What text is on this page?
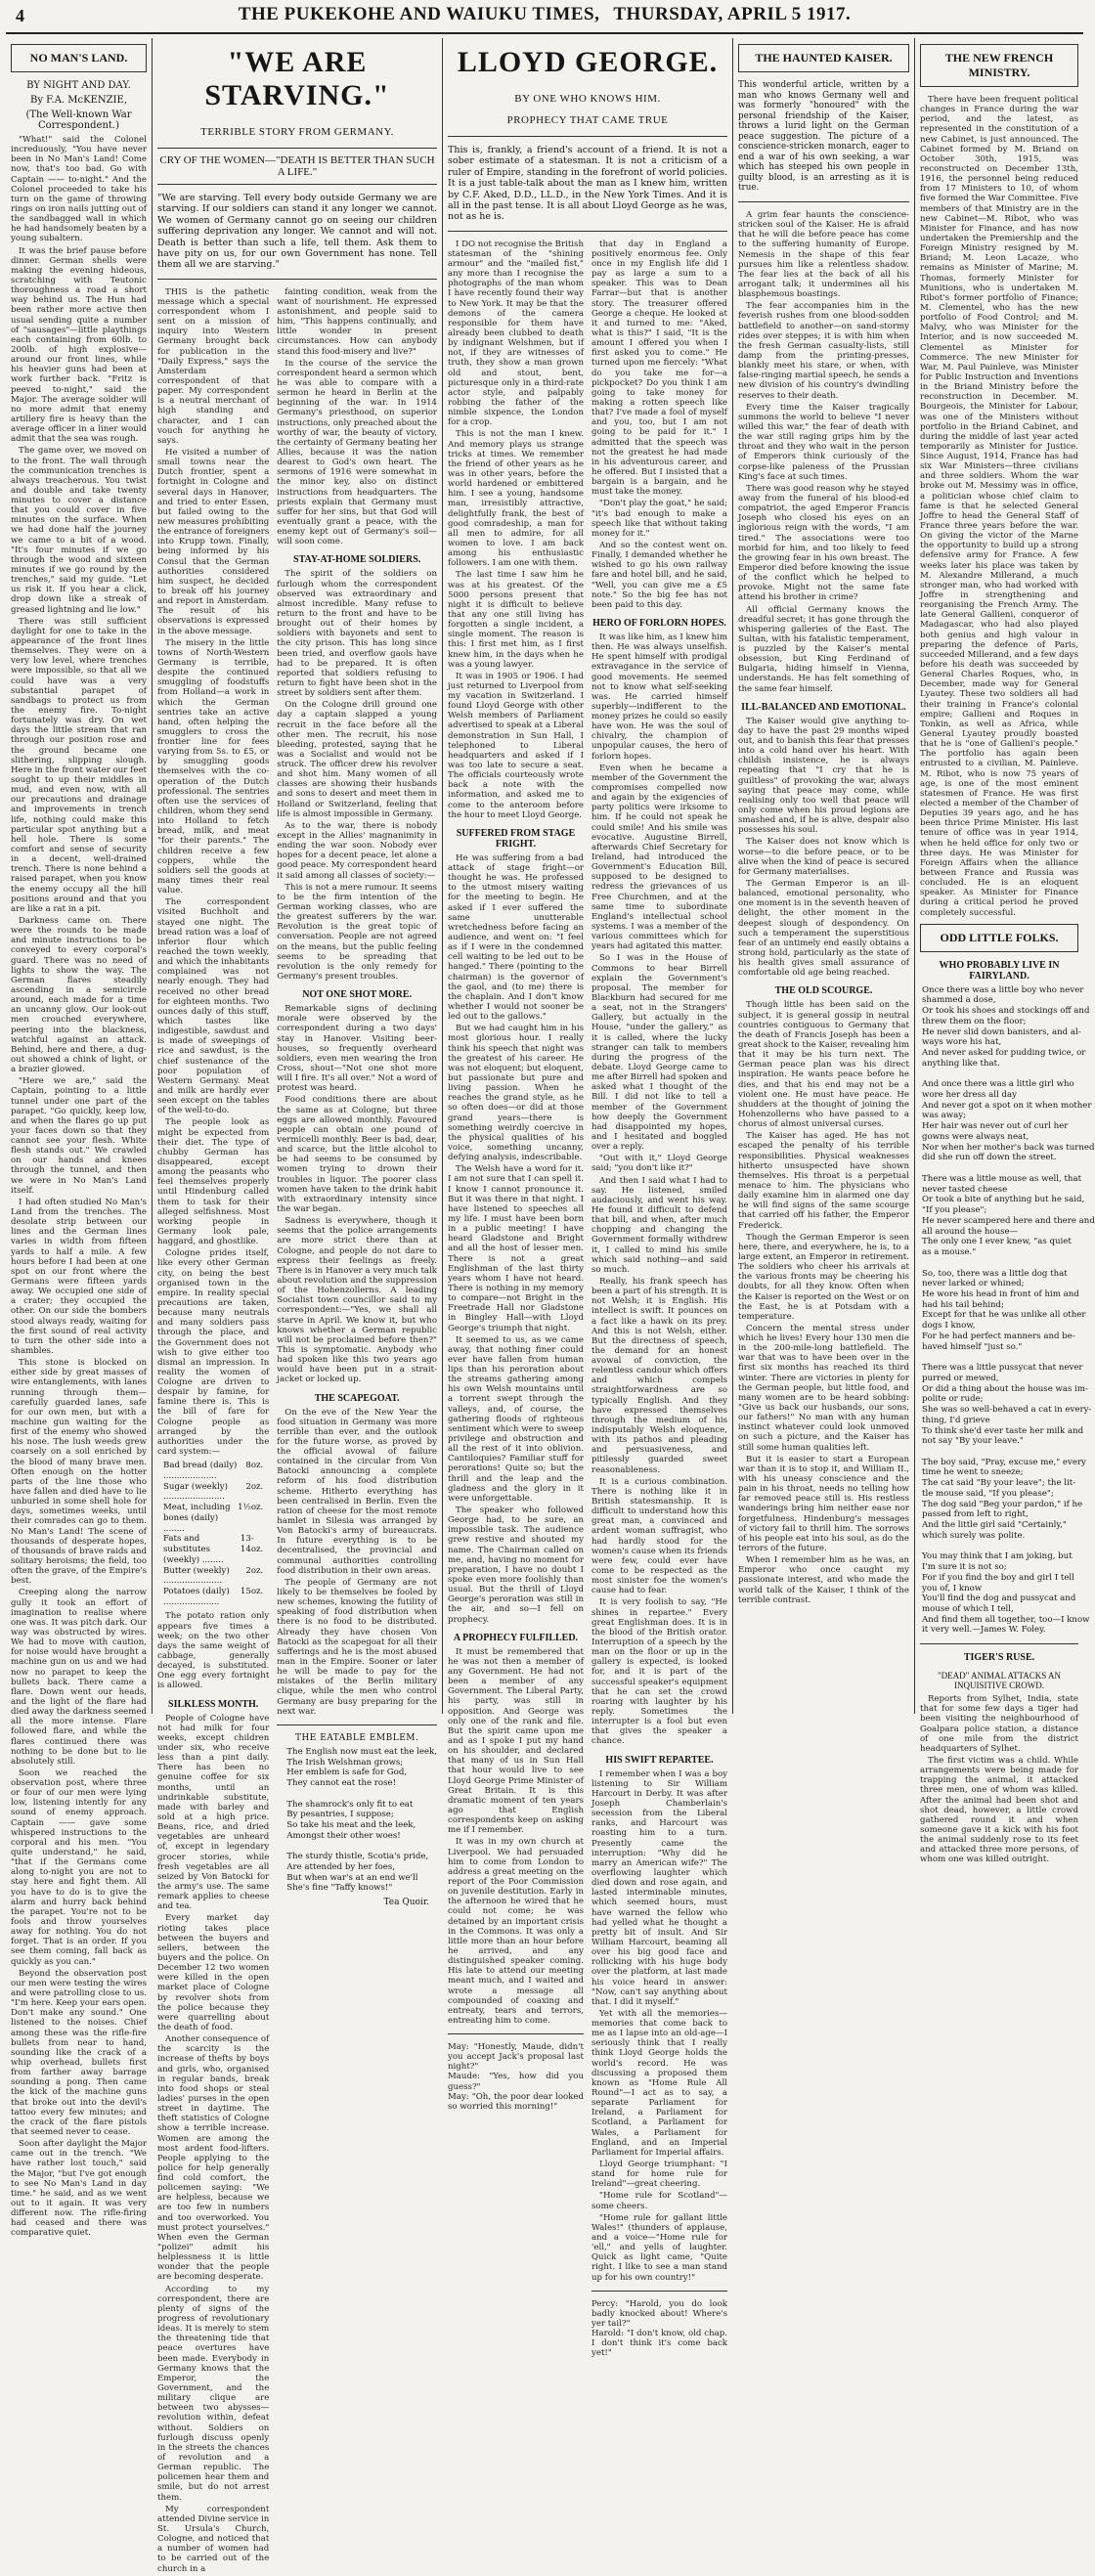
4	THE PUKEKOHE AND WAIUKU TIMES, THURSDAY, APRIL 5 1917.
NO MAN'S LAND.
BY NIGHT AND DAY.
By F.A. McKENZIE,
(The Well-known War Correspondent.)

"What!" said the Colonel increduously, "You have never been in No Man's Land! Come now, that's too bad. Go with Captain —— to-night." And the Colonel proceeded to take his turn on the game of throwing rings on iron nails jutting out of the sandbagged wall in which he had handsomely beaten by a young subaltern.

It was the brief pause before dinner. German shells were making the evening hideous, scratching with Teutonic thoroughness a road a short way behind us. The Hun had been rather more active then usual sending quite a number of "sausages"—little playthings each containing from 60lb. to 200lb. of high explosive—around our front lines, while his heavier guns had been at work further back. "Fritz is peeved to-night," said the Major. The average soldier will no more admit that enemy artillery fire is heavy than the average officer in a liner would admit that the sea was rough.

The game over, we moved on to the front. The wall through the communication trenches is always treacherous. You twist and double and take twenty minutes to cover a distance that you could cover in five minutes on the surface. When we had done half the journey we came to a bit of a wood. "It's four minutes if we go through the wood and sixteen minutes if we go round by the trenches," said my guide. "Let us risk it. If you hear a click, drop down like a streak of greased lightning and lie low."

There was still sufficient daylight for one to take in the appearance of the front lines themselves. They were on a very low level, where trenches were impossible, so that all we could have was a very substantial parapet of sandbags to protect us from the enemy fire. To-night fortunately was dry. On wet days the little stream that ran through our position rose and the ground became one slithering, slipping slough. Here in the front water our feet sought to up their middles in mud, and even now, with all our precautions and drainage and improvements in trench life, nothing could make this particular spot anything but a hell hole. There is some comfort and sense of security in a decent, well-drained trench. There is none behind a raised parapet, when you know the enemy occupy all the hill positions around and that you are like a rat in a pit.

Darkness came on. There were the rounds to be made and minute instructions to be conveyed to every corporal's guard. There was no need of lights to show the way. The German flares steadily ascending in a semicircle around, each made for a time an uncanny glow. Our look-out men crouched everywhere, peering into the blackness, watchful against an attack. Behind, here and there, a dug-out showed a chink of light, or a brazier glowed.

"Here we are," said the Captain, pointing to a little tunnel under one part of the parapet. "Go quickly, keep low, and when the flares go up put your faces down so that they cannot see your flesh. White flesh stands out." We crawled on our hands and knees through the tunnel, and then we were in No Man's Land itself.

I had often studied No Man's Land from the trenches. The desolate strip between our lines and the German lines varies in width from fifteen yards to half a mile. A few hours before I had been at one spot on our front where the Germans were fifteen yards away. We occupied one side of a crater; they occupied the other. On our side the bombers stood always ready, waiting for the first sound of real activity to turn the other side into a shambles.

This stone is blocked on either side by great masses of wire entanglements, with lanes running through them—carefully guarded lanes, safe for our own men, but with a machine gun waiting for the first of the enemy who showed his nose. The lush weeds grew coarsely on a soil enriched by the blood of many brave men. Often enough on the hotter parts of the line those who have fallen and died have to lie unburied in some shell hole for days, sometimes weeks, until their comrades can go to them. No Man's Land! The scene of thousands of desperate hopes, of thousands of brave raids and solitary heroisms; the field, too often the grave, of the Empire's best.

Creeping along the narrow gully it took an effort of imagination to realise where one was. It was pitch dark. Our way was obstructed by wires. We had to move with caution, for noise would have brought a machine gun on us and we had now no parapet to keep the bullets back. There came a flare. Down went our heads, and the light of the flare had died away the darkness seemed all the more intense. Flare followed flare, and while the flares continued there was nothing to be done but to lie absolutely still.

Soon we reached the observation post, where three or four of our men were lying low, listening intently for any sound of enemy approach. Captain —— gave some whispered instructions to the corporal and his men. "You quite understand," he said, "that if the Germans come along to-night you are not to stay here and fight them. All you have to do is to give the alarm and hurry back behind the parapet. You're not to be fools and throw yourselves away for nothing. You do not forget. That is an order. If you see them coming, fall back as quickly as you can."

Beyond the observation post our men were testing the wires and were patrolling close to us. "I'm here. Keep your ears open. Don't make any sound." One listened to the noises. Chief among these was the rifle-fire bullets from near to hand, sounding like the crack of a whip overhead, bullets first from farther away barrage sounding a pong. Then came the kick of the machine guns that broke out into the devil's tattoo every few minutes; and the crack of the flare pistols that seemed never to cease.

Soon after daylight the Major came out in the trench. "We have rather lost touch," said the Major, "but I've got enough to see No Man's Land in day time." he said, and as we went out to it again. It was very different now. The rifle-firing had ceased and there was comparative quiet.

"WE ARE STARVING."
TERRIBLE STORY FROM GERMANY.
CRY OF THE WOMEN—"DEATH IS BETTER THAN SUCH A LIFE."
"We are starving. Tell every body outside Germany we are starving. If our soldiers can stand it any longer we cannot. We women of Germany cannot go on seeing our children suffering deprivation any longer. We cannot and will not. Death is better than such a life, tell them. Ask them to have pity on us, for our own Government has none. Tell them all we are starving."

THIS is the pathetic message which a special correspondent whom I sent on a mission of inquiry into Western Germany brought back for publication in the "Daily Express," says the Amsterdam correspondent of that paper. My correspondent is a neutral merchant of high standing and character, and I can vouch for anything he says.

He visited a number of small towns near the Dutch frontier, spent a fortnight in Cologne and several days in Hanover, and tried to enter Essen, but failed owing to the new measures prohibiting the entrance of foreigners into Krupp town. Finally, being informed by his Consul that the German authorities considered him suspect, he decided to break off his journey and report in Amsterdam. The result of his observations is expressed in the above message.

The misery in the little towns of North-Western Germany is terrible, despite the continued smuggling of foodstuffs from Holland—a work in which the German sentries take an active hand, often helping the smugglers to cross the frontier line for fees varying from 5s. to £5, or by smuggling goods themselves with the co-operation of the Dutch professional. The sentries often use the services of children, whom they send into Holland to fetch bread, milk, and meat "for their parents." The children receive a few coppers, while the soldiers sell the goods at many times their real value.

The correspondent visited Buchholt and stayed one night. The bread ration was a loaf of inferior flour which reached the town weekly, and which the inhabitants complained was not nearly enough. They had received no other bread for eighteen months. Two ounces daily of this stuff, which tastes like indigestible, sawdust and is made of sweepings of rice and sawdust, is the chief sustenance of the poor population of Western Germany. Meat and milk are hardly ever seen except on the tables of the well-to-do.

The people look as might be expected from their diet. The type of chubby German has disappeared, except among the peasants who feel themselves properly until Hindenburg called them to task for their alleged selfishness. Most working people in Germany look pale, haggard, and ghostlike.

Cologne prides itself, like every other German city, on being the best organised town in the empire. In reality special precautions are taken, because many neutrals and many soldiers pass through the place, and the Government does not wish to give either too dismal an impression. In reality the women of Cologne are driven to despair by famine, for famine there is. This is the bill of fare for Cologne people as arranged by the authorities under the card system:—

Bad bread (daily) ....................
8oz.
Sugar (weekly) .......................
2oz.
Meat, including bones (daily) ........
1½oz.
Fats and substitutes (weekly) ........
13-14oz.
Butter (weekly) ......................
2oz.
Potatoes (daily) .....................
15oz.

The potato ration only appears five times a week; on the two other days the same weight of cabbage, generally decayed, is substituted. One egg every fortnight is allowed.

SILKLESS MONTH.

People of Cologne have not had milk for four weeks, except children under six, who receive less than a pint daily. There has been no genuine coffee for six months, until an undrinkable substitute, made with barley and sold at a high price. Beans, rice, and dried vegetables are unheard of, except in legendary grocer stories, while fresh vegetables are all seized by Von Batocki for the army's use. The same remark applies to cheese and tea.

Every market day rioting takes place between the buyers and sellers, between the buyers and the police. On December 12 two women were killed in the open market place of Cologne by revolver shots from the police because they were quarrelling about the death of food.

Another consequence of the scarcity is the increase of thefts by boys and girls, who, organised in regular bands, break into food shops or steal ladies' purses in the open street in daytime. The theft statistics of Cologne show a terrible increase. Women are among the most ardent food-lifters. People applying to the police for help generally find cold comfort, the policemen saying: "We are helpless, because we are too few in numbers and too overworked. You must protect yourselves." When even the German "polizei" admit his helplessness it is little wonder that the people are becoming desperate.

According to my correspondent, there are plenty of signs of the progress of revolutionary ideas. It is merely to stem the threatening tide that peace overtures have been made. Everybody in Germany knows that the Emperor, the Government, and the military clique are between two abysses—revolution within, defeat without. Soldiers on furlough discuss openly in the streets the chances of revolution and a German republic. The policemen hear them and smile, but do not arrest them.

My correspondent attended Divine service in St. Ursula's Church, Cologne, and noticed that a number of women had to be carried out of the church in a

fainting condition, weak from the want of nourishment. He expressed astonishment, and people said to him, "This happens continually, and little wonder in present circumstances. How can anybody stand this food-misery and live?"

In the course of the service the correspondent heard a sermon which he was able to compare with a sermon he heard in Berlin at the beginning of the war. In 1914 Germany's priesthood, on superior instructions, only preached about the worthy of war, the beauty of victory, the certainty of Germany beating her Allies, because it was the nation dearest to God's own heart. The sermons of 1916 were somewhat in the minor key, also on distinct instructions from headquarters. The priests explain that Germany must suffer for her sins, but that God will eventually grant a peace, with the enemy kept out of Germany's soil—will soon come.

STAY-AT-HOME SOLDIERS.

The spirit of the soldiers on furlough whom the correspondent observed was extraordinary and almost incredible. Many refuse to return to the front and have to be brought out of their homes by soldiers with bayonets and sent to the city prison. This has long since been tried, and overflow gaols have had to be prepared. It is often reported that soldiers refusing to return to fight have been shot in the street by soldiers sent after them.

On the Cologne drill ground one day a captain slapped a young recruit in the face before all the other men. The recruit, his nose bleeding, protested, saying that he was a Socialist and would not be struck. The officer drew his revolver and shot him. Many women of all classes are showing their husbands and sons to desert and meet them in Holland or Switzerland, feeling that life is almost impossible in Germany.

As to the war, there is nobody except in the Allies' magnanimity in ending the war soon. Nobody ever hopes for a decent peace, let alone a good peace. My correspondent heard it said among all classes of society:—

This is not a mere rumour. It seems to be the firm intention of the German working classes, who are the greatest sufferers by the war. Revolution is the great topic of conversation. People are not agreed on the means, but the public feeling seems to be spreading that revolution is the only remedy for Germany's present troubles.

NOT ONE SHOT MORE.

Remarkable signs of declining morale were observed by the correspondent during a two days' stay in Hanover. Visiting beer-houses, so frequently overheard soldiers, even men wearing the Iron Cross, shout—"Not one shot more will I fire. It's all over." Not a word of protest was heard.

Food conditions there are about the same as at Cologne, but three eggs are allowed monthly. Favoured people can obtain one pound of vermicelli monthly. Beer is bad, dear, and scarce, but the little alcohol to be had seems to be consumed by women trying to drown their troubles in liquor. The poorer class women have taken to the drink habit with extraordinary intensity since the war began.

Sadness is everywhere, though it seems that the police arrangements are more strict there than at Cologne, and people do not dare to express their feelings as freely. There is in Hanover a very much talk about revolution and the suppression of the Hohenzollerns. A leading Socialist town councillor said to my correspondent:—"Yes, we shall all starve in April. We know it, but who knows whether a German republic will not be proclaimed before then?" This is symptomatic. Anybody who had spoken like this two years ago would have been put in a strait-jacket or locked up.

THE SCAPEGOAT.

On the eve of the New Year the food situation in Germany was more terrible than ever, and the outlook for the future worse, as proved by the official avowal of failure contained in the circular from Von Batocki announcing a complete reform of his food distribution scheme. Hitherto everything has been centralised in Berlin. Even the ration of cheese for the most remote hamlet in Silesia was arranged by Von Batocki's army of bureaucrats. In future everything is to be decentralised, the provincial and communal authorities controlling food distribution in their own areas.

The people of Germany are not likely to be themselves be fooled by new schemes, knowing the futility of speaking of food distribution when there is no food to be distributed. Already they have chosen Von Batocki as the scapegoat for all their sufferings and he is the most abused man in the Empire. Sooner or later he will be made to pay for the mistakes of the Berlin military clique, while the men who control Germany are busy preparing for the next war.

THE EATABLE EMBLEM.
The English now must eat the leek,
The Irish Welshman grows;
Her emblem is safe for God,
They cannot eat the rose!

The shamrock's only fit to eat
By pesantries, I suppose;
So take his meat and the leek,
Amongst their other woes!

The sturdy thistle, Scotia's pride,
Are attended by her foes,
But when war's at an end we'll
She's fine "Taffy knows!"
Tea Quoir.
LLOYD GEORGE.
BY ONE WHO KNOWS HIM.
PROPHECY THAT CAME TRUE
This is, frankly, a friend's account of a friend. It is not a sober estimate of a statesman. It is not a criticism of a ruler of Empire, standing in the forefront of world policies. It is a just table-talk about the man as I knew him, written by C.F. Aked, D.D., LL.D., in the New York Times. And it is all in the past tense. It is all about Lloyd George as he was, not as he is.

I DO not recognise the British statesman of the "shining armour" and the "mailed fist," any more than I recognise the photographs of the man whom I have recently found their way to New York. It may be that the demons of the camera responsible for them have already been clubbed to death by indignant Welshmen, but if not, if they are witnesses of truth, they show a man grown old and stout, bent, picturesque only in a third-rate actor style, and palpably robbing the father of the nimble sixpence, the London for a crop.

This is not the man I knew. And memory plays us strange tricks at times. We remember the friend of other years as he was in other years, before the world hardened or embittered him. I see a young, handsome man, irresistibly attractive, delightfully frank, the best of good comradeship, a man for all men to admire, for all women to love. I am back among his enthusiastic followers. I am one with them.

The last time I saw him he was at his greatest. Of the 5000 persons present that night it is difficult to believe that any one still living has forgotten a single incident, a single moment. The reason is this: I first met him, as I first knew him, in the days when he was a young lawyer.

It was in 1905 or 1906. I had just returned to Liverpool from my vacation in Switzerland. I found Lloyd George with other Welsh members of Parliament advertised to speak at a Liberal demonstration in Sun Hall, I telephoned to Liberal headquarters and asked if I was too late to secure a seat. The officials courteously wrote back a note with the information, and asked me to come to the anteroom before the hour to meet Lloyd George.

SUFFERED FROM STAGE FRIGHT.

He was suffering from a bad attack of stage fright—or thought he was. He professed to the utmost misery waiting for the meeting to begin. He asked if I ever suffered the same unutterable wretchedness before facing an audience, and went on: "I feel as if I were in the condemned cell waiting to be led out to be hanged." There (pointing to the chairman) is the governor of the gaol, and (to me) there is the chaplain. And I don't know whether I would not sooner be led out to the gallows."

But we had caught him in his most glorious hour. I really think his speech that night was the greatest of his career. He was not eloquent; but eloquent, but passionate but pure and living passion. When he reaches the grand style, as he so often does—or did at those grand years—there is something weirdly coercive in the physical qualities of his voice, something uncanny, defying analysis, indescribable.

The Welsh have a word for it. I am not sure that I can spell it. I know I cannot pronounce it. But it was there in that night. I have listened to speeches all my life. I must have been born in a public meeting! I have heard Gladstone and Bright and all the host of lesser men. There is not a great Englishman of the last thirty years whom I have not heard. There is nothing in my memory to compare—not Bright in the Freetrade Hall nor Gladstone in Bingley Hall—with Lloyd George's triumph that night.

It seemed to us, as we came away, that nothing finer could ever have fallen from human lips than his peroration about the streams gathering among his own Welsh mountains until a torrent swept through the valleys, and, of course, the gathering floods of righteous sentiment which were to sweep privilege and obstruction and all the rest of it into oblivion. Cantiloquies? Familiar stuff for perorations! Quite so; but the thrill and the leap and the gladness and the glory in it were unforgettable.

The speaker who followed George had, to be sure, an impossible task. The audience grew restive and shouted my name. The Chairman called on me, and, having no moment for preparation, I have no doubt I spoke even more foolishly than usual. But the thrill of Lloyd George's peroration was still in the air, and so—I fell on prophecy.

A PROPHECY FULFILLED.

It must be remembered that he was not then a member of any Government. He had not been a member of any Government. The Liberal Party, his party, was still in opposition. And George was only one of the rank and file. But the spirit came upon me and as I spoke I put my hand on his shoulder, and declared that many of us in Sun Hall that hour would live to see Lloyd George Prime Minister of Great Britain. It is this dramatic moment of ten years ago that English correspondents keep on asking me if I remember.

It was in my own church at Liverpool. We had persuaded him to come from London to address a great meeting on the report of the Poor Commission on juvenile destitution. Early in the afternoon he wired that he could not come; he was detained by an important crisis in the Commons. It was only a little more than an hour before he arrived, and any distinguished speaker coming. His late to attend our meeting meant much, and I waited and wrote a message all compounded of coaxing and entreaty, tears and terrors, entreating him to come.

May: "Honestly, Maude, didn't you accept Jack's proposal last night?"
Maude: "Yes, how did you guess?"
May: "Oh, the poor dear looked so worried this morning!"

that day in England a positively enormous fee. Only once in my English life did I pay as large a sum to a speaker. This was to Dean Farrar—but that is another story. The treasurer offered George a cheque. He looked at it and turned to me: "Aked, what is this?" I said, "It is the amount I offered you when I first asked you to come." He turned upon me fiercely: "What do you take me for—a pickpocket? Do you think I am going to take money for making a rotten speech like that? I've made a fool of myself and you, too, but I am not going to be paid for it." I admitted that the speech was not the greatest he had made in his adventurous career, and he offered. But I insisted that a bargain is a bargain, and he must take the money.

"Don't play the goat," he said; "it's bad enough to make a speech like that without taking money for it."

And so the contest went on. Finally, I demanded whether he wished to go his own railway fare and hotel bill, and he said, "Well, you can give me a £5 note." So the big fee has not been paid to this day.

HERO OF FORLORN HOPES.

It was like him, as I knew him then. He was always unselfish. He spent himself with prodigal extravagance in the service of good movements. He seemed not to know what self-seeking was. He carried himself superbly—indifferent to the money prizes he could so easily have won. He was the soul of chivalry, the champion of unpopular causes, the hero of forlorn hopes.

Even when he became a member of the Government the compromises compelled now and again by the exigencies of party politics were irksome to him. If he could not speak he could smile! And his smile was evocative. Augustine Birrell, afterwards Chief Secretary for Ireland, had introduced the Government's Education Bill, supposed to be designed to redress the grievances of us Free Churchmen, and at the same time to subordinate England's intellectual school systems. I was a member of the various committees which for years had agitated this matter.

So I was in the House of Commons to hear Birrell explain the Government's proposal. The member for Blackburn had secured for me a seat, not in the Strangers' Gallery, but actually in the House, "under the gallery," as it is called, where the lucky stranger can talk to members during the progress of the debate. Lloyd George came to me after Birrell had spoken and asked what I thought of the Bill. I did not like to tell a member of the Government how deeply the Government had disappointed my hopes, and I hesitated and boggled over a reply.

"Out with it," Lloyd George said; "you don't like it?"

And then I said what I had to say. He listened, smiled audaciously, and went his way. He found it difficult to defend that bill, and when, after much chopping and changing the Government formally withdrew it, I called to mind his smile which said nothing—and said so much.

Really, his frank speech has been a part of his strength. It is not Welsh; it is English. His intellect is swift. It pounces on a fact like a hawk on its prey. And this is not Welsh, either. But the directness of speech, the demand for an honest avowal of conviction, the relentless candour which offers and which compels straightforwardness are so typically English. And they have expressed themselves through the medium of his indisputably Welsh eloquence, with its pathos and pleading and persuasiveness, and pitilessly guarded sweet reasonableness.

It is a curious combination. There is nothing like it in British statesmanship. It is difficult to understand how this great man, a convinced and ardent woman suffragist, who had hardly stood for the women's cause when its friends were few, could ever have come to be respected as the most sinister foe the women's cause had to fear.

It is very foolish to say, "He shines in repartee." Every great Englishman does. It is in the blood of the British orator. Interruption of a speech by the man on the floor or up in the gallery is expected, is looked for, and it is part of the successful speaker's equipment that he can set the crowd roaring with laughter by his reply. Sometimes the interrupter is a fool but even that gives the speaker a chance.

HIS SWIFT REPARTEE.

I remember when I was a boy listening to Sir William Harcourt in Derby. It was after Joseph Chamberlain's secession from the Liberal ranks, and Harcourt was roasting him to a turn. Presently came the interruption: "Why did he marry an American wife?" The overflowing laughter which died down and rose again, and lasted interminable minutes, which seemed hours, must have warned the fellow who had yelled what he thought a pretty bit of insult. And Sir William Harcourt, beaming all over his big good face and rollicking with his huge body over the platform, at last made his voice heard in answer: "Now, can't say anything about that. I did it myself."

Yet with all the memories—memories that come back to me as I lapse into an old-age—I seriously think that I really think Lloyd George holds the world's record. He was discussing a proposed them known as "Home Rule All Round"—I act as to say, a separate Parliament for Ireland, a Parliament for Scotland, a Parliament for Wales, a Parliament for England, and an Imperial Parliament for Imperial affairs.

Lloyd George triumphant: "I stand for home rule for Ireland"—great cheering.

"Home rule for Scotland"—some cheers.

"Home rule for gallant little Wales!" (thunders of applause, and a voice—"Home rule for 'ell," and yells of laughter. Quick as light came, "Quite right. I like to see a man stand up for his own country!"

Percy: "Harold, you do look badly knocked about! Where's yer tail?"
Harold: "I don't know, old chap. I don't think it's come back yet!"

THE HAUNTED KAISER.
This wonderful article, written by a man who knows Germany well and was formerly "honoured" with the personal friendship of the Kaiser, throws a lurid light on the German peace suggestion. The picture of a conscience-stricken monarch, eager to end a war of his own seeking, a war which has steeped his own people in guilty blood, is an arresting as it is true.

A grim fear haunts the conscience-stricken soul of the Kaiser. He is afraid that he will die before peace has come to the suffering humanity of Europe. Nemesis in the shape of this fear pursues him like a relentless shadow. The fear lies at the back of all his arrogant talk; it undermines all his blasphemous boastings.

The fear accompanies him in the feverish rushes from one blood-sodden battlefield to another—on sand-stormy rides over steppes; it is with him when the fresh German casualty-lists, still damp from the printing-presses, blankly meet his stare, or when, with false-ringing martial speech, he sends a new division of his country's dwindling reserves to their death.

Every time the Kaiser tragically summons the world to believe "I never willed this war," the fear of death with the war still raging grips him by the throat and they who wait in the person of Emperors think curiously of the corpse-like paleness of the Prussian King's face at such times.

There was good reason why he stayed away from the funeral of his blood-ed compatriot, the aged Emperor Francis Joseph who closed his eyes on an inglorious reign with the words, "I am tired." The associations were too morbid for him, and too likely to feed the growing fear in his own breast. The Emperor died before knowing the issue of the conflict which he helped to provoke. Might not the same fate attend his brother in crime?

All official Germany knows the dreadful secret; it has gone through the whispering galleries of the East. The Sultan, with his fatalistic temperament, is puzzled by the Kaiser's mental obsession, but King Ferdinand of Bulgaria, hiding himself in Vienna, understands. He has felt something of the same fear himself.

ILL-BALANCED AND EMOTIONAL.

The Kaiser would give anything to-day to have the past 29 months wiped out, and to banish this fear that presses into a cold hand over his heart. With childish insistence, he is always repeating that "I cry that he is guiltless" of provoking the war, always saying that peace may come, while realising only too well that peace will only come when his proud legions are smashed and, if he is alive, despair also possesses his soul.

The Kaiser does not know which is worse—to die before peace, or to be alive when the kind of peace is secured for Germany materialises.

The German Emperor is an ill-balanced, emotional personality, who one moment is in the seventh heaven of delight, the other moment in the deepest slough of despondency. On such a temperament the superstitious fear of an untimely end easily obtains a strong hold, particularly as the state of his health gives small assurance of comfortable old age being reached.

THE OLD SCOURGE.

Though little has been said on the subject, it is general gossip in neutral countries contiguous to Germany that the death of Francis Joseph has been a great shock to the Kaiser, revealing him that it may be his turn next. The German peace plan was his direct inspiration. He wants peace before he dies, and that his end may not be a violent one. He must have peace. He shudders at the thought of joining the Hohenzollerns who have passed to a chorus of almost universal curses.

The Kaiser has aged. He has not escaped the penalty of his terrible responsibilities. Physical weaknesses hitherto unsuspected have shown themselves. His throat is a perpetual menace to him. The physicians who daily examine him in alarmed one day he will find signs of the same scourge that carried off his father, the Emperor Frederick.

Though the German Emperor is seen here, there, and everywhere, he is, to a large extent, an Emperor in retirement. The soldiers who cheer his arrivals at the various fronts may be cheering his doubts, for all they know. Often when the Kaiser is reported on the West or on the East, he is at Potsdam with a temperature.

Concern the mental stress under which he lives! Every hour 130 men die in the 200-mile-long battlefield. The war that was to have been over in the first six months has reached its third winter. There are victories in plenty for the German people, but little food, and many women are to be heard sobbing: "Give us back our husbands, our sons, our fathers!" No man with any human instinct whatever could look unmoved on such a picture, and the Kaiser has still some human qualities left.

But it is easier to start a European war than it is to stop it, and William II., with his uneasy conscience and the pain in his throat, needs no telling how far removed peace still is. His restless wanderings bring him neither ease nor forgetfulness. Hindenburg's messages of victory fail to thrill him. The sorrows of his people eat into his soul, as do the terrors of the future.

When I remember him as he was, an Emperor who once caught my passionate interest, and who made the world talk of the Kaiser, I think of the terrible contrast.

THE NEW FRENCH MINISTRY.

There have been frequent political changes in France during the war period, and the latest, as represented in the constitution of a new Cabinet, is just announced. The Cabinet formed by M. Briand on October 30th, 1915, was reconstructed on December 13th, 1916, the personnel being reduced from 17 Ministers to 10, of whom five formed the War Committee. Five members of that Ministry are in the new Cabinet—M. Ribot, who was Minister for Finance, and has now undertaken the Premiership and the Foreign Ministry resigned by M. Briand; M. Leon Lacaze, who remains as Minister of Marine; M. Thomas, formerly Minister for Munitions, who is undertaken M. Ribot's former portfolio of Finance; M. Clementel, who has the new portfolio of Food Control; and M. Malvy, who was Minister for the Interior, and is now succeeded M. Clementel as Minister for Commerce. The new Minister for War, M. Paul Painleve, was Minister for Public Instruction and Inventions in the Briand Ministry before the reconstruction in December. M. Bourgeois, the Minister for Labour, was one of the Ministers without portfolio in the Briand Cabinet, and during the middle of last year acted temporarily as Minister for Justice. Since August, 1914, France has had six War Ministers—three civilians and three soldiers. Whom the war broke out M. Messimy was in office, a politician whose chief claim to fame is that he selected General Joffre to head the General Staff of France three years before the war. On giving the victor of the Marne the opportunity to build up a strong defensive army for France. A few weeks later his place was taken by M. Alexandre Millerand, a much stronger man, who had worked with Joffre in strengthening and reorganising the French Army. The late General Gallieni, conqueror of Madagascar, who had also played both genius and high valour in preparing the defence of Paris, succeeded Millerand, and a few days before his death was succeeded by General Charles Roques, who, in December, made way for General Lyautey. These two soldiers all had their training in France's colonial empire; Gallieni and Roques in Tonkin, as well as Africa, while General Lyautey proudly boasted that he is "one of Gallieni's people." The portfolio has again been entrusted to a civilian, M. Painleve. M. Ribot, who is now 75 years of age, is one of the most eminent statesmen of France. He was first elected a member of the Chamber of Deputies 39 years ago, and he has been thrice Prime Minister. His last tenure of office was in year 1914, when he held office for only two or three days. He was Minister for Foreign Affairs when the alliance between France and Russia was concluded. He is an eloquent speaker. As Minister for Finance during a critical period he proved completely successful.

ODD LITTLE FOLKS.
WHO PROBABLY LIVE IN FAIRYLAND.
Once there was a little boy who never
shammed a dose,
Or took his shoes and stockings off and
threw them on the floor;
He never slid down banisters, and al-
ways wore his hat,
And never asked for pudding twice, or
anything like that.

And once there was a little girl who
wore her dress all day
And never got a spot on it when mother
was away;
Her hair was never out of curl her
gowns were always neat,
Nor when her mother's back was turned
did she run off down the street.

There was a little mouse as well, that
never tasted cheese
Or took a bite of anything but he said,
"If you please";
He never scampered here and there and
all around the house—
The only one I ever knew, "as quiet
as a mouse."

So, too, there was a little dog that
never larked or whined;
He wore his head in front of him and
had his tail behind;
Except for that he was unlike all other
dogs I know,
For he had perfect manners and be-
haved himself "just so."

There was a little pussycat that never
purred or mewed,
Or did a thing about the house was im-
polite or rude;
She was so well-behaved a cat in every-
thing, I'd grieve
To think she'd ever taste her milk and
not say "By your leave."

The boy said, "Pray, excuse me," every
time he went to sneeze;
The cat said "By your leave"; the lit-
tle mouse said, "If you please";
The dog said "Beg your pardon," if he
passed from left to right,
And the little girl said "Certainly,"
which surely was polite.

You may think that I am joking, but
I'm sure it is not so;
For if you find the boy and girl I tell
you of, I know
You'll find the dog and pussycat and
mouse of which I tell,
And find them all together, too—I know
it very well.—James W. Foley.
TIGER'S RUSE.
"DEAD" ANIMAL ATTACKS AN INQUISITIVE CROWD.

Reports from Sylhet, India, state that for some few days a tiger had been visiting the neighbourhood of Goalpara police station, a distance of one mile from the district headquarters of Sylhet.

The first victim was a child. While arrangements were being made for trapping the animal, it attacked three men, one of whom was killed. After the animal had been shot and shot dead, however, a little crowd gathered round it and when someone gave it a kick with his foot the animal suddenly rose to its feet and attacked three more persons, of whom one was killed outright.
